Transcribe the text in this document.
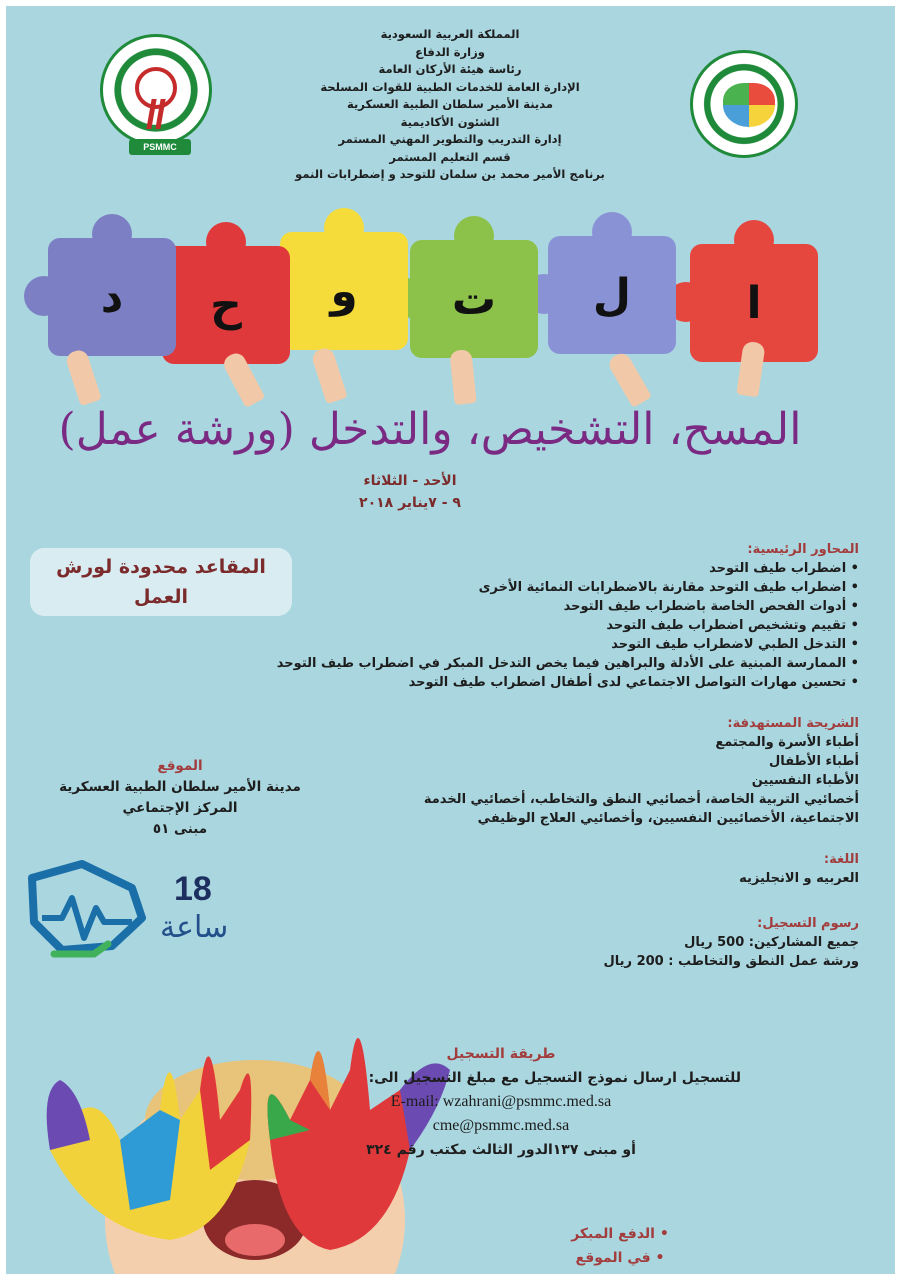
PSMMC
المملكة العربية السعودية
وزارة الدفاع
رئاسة هيئة الأركان العامة
الإدارة العامة للخدمات الطبية للقوات المسلحة
مدينة الأمير سلطان الطبية العسكرية
الشئون الأكاديمية
إدارة التدريب والتطوير المهني المستمر
قسم التعليم المستمر
برنامج الأمير محمد بن سلمان للتوحد و إضطرابات النمو
ا
ل
ت
و
ح
د
المسح، التشخيص، والتدخل (ورشة عمل)
الأحد - الثلاثاء
٩ - ٧يناير ٢٠١٨
المقاعد محدودة لورش العمل
المحاور الرئيسية:
• اضطراب طيف التوحد
• اضطراب طيف التوحد مقارنة بالاضطرابات النمائية الأخرى
• أدوات الفحص الخاصة باضطراب طيف التوحد
• تقييم وتشخيص اضطراب طيف التوحد
• التدخل الطبي لاضطراب طيف التوحد
• الممارسة المبنية على الأدلة والبراهين فيما يخص التدخل المبكر في اضطراب طيف التوحد
• تحسين مهارات التواصل الاجتماعي لدى أطفال اضطراب طيف التوحد
الشريحة المستهدفة:
أطباء الأسرة والمجتمع
أطباء الأطفال
الأطباء النفسيين
أخصائيي التربية الخاصة، أخصائيي النطق والتخاطب، أخصائيي الخدمة
الاجتماعية، الأخصائيين النفسيين، وأخصائيي العلاج الوظيفي
الموقع
مدينة الأمير سلطان الطبية العسكرية
المركز الإجتماعي
مبنى ٥١
18
ساعة
اللغة:
العربيه و الانجليزيه
رسوم التسجيل:
جميع المشاركين: 500 ريال
ورشة عمل النطق والتخاطب : 200 ريال
طريقة التسجيل
للتسجيل ارسال نموذج التسجيل مع مبلغ التسجيل الى:
E-mail: wzahrani@psmmc.med.sa
cme@psmmc.med.sa
أو مبنى ١٣٧الدور الثالث مكتب رقم ٣٢٤
• الدفع المبكر
• في الموقع
